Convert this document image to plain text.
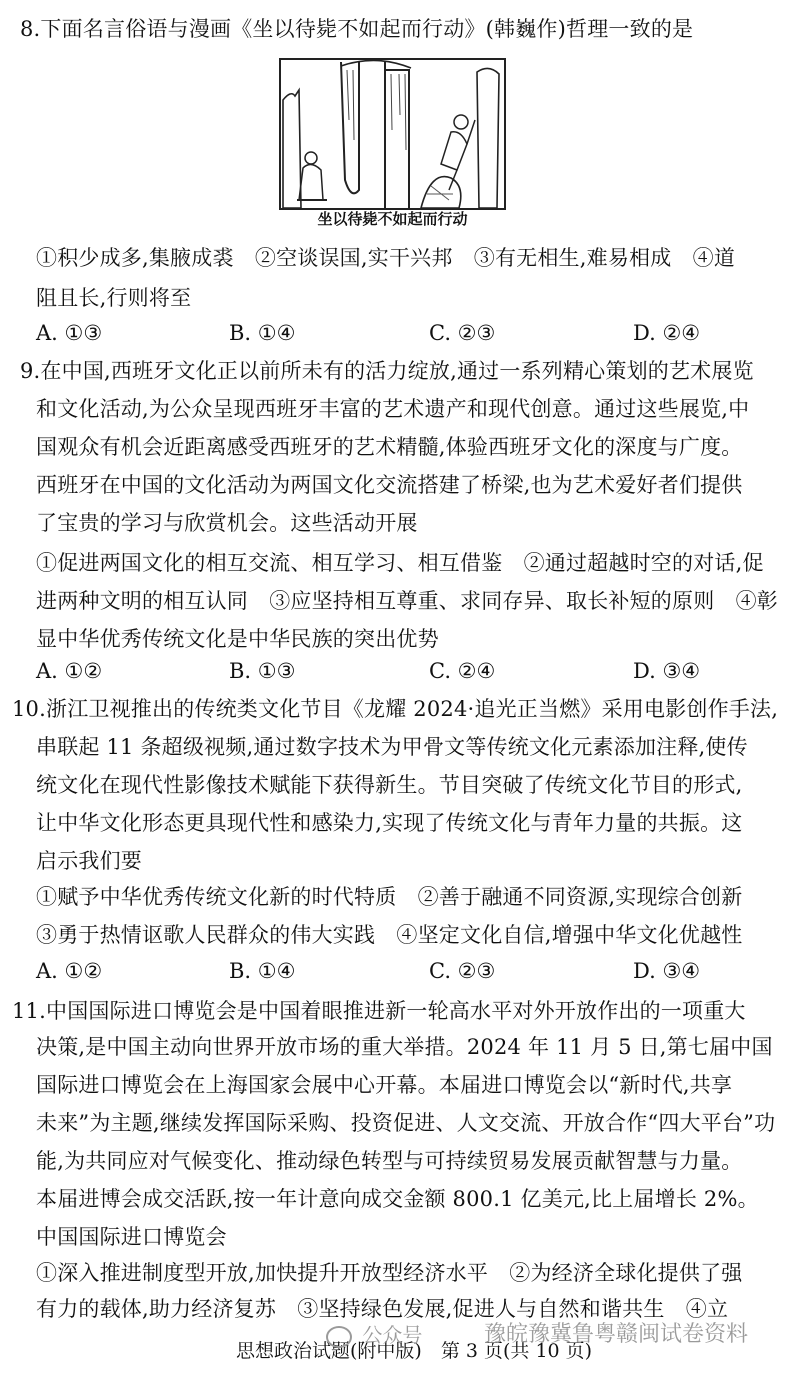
8.下面名言俗语与漫画《坐以待毙不如起而行动》(韩巍作)哲理一致的是
坐以待毙不如起而行动
①积少成多,集腋成裘　②空谈误国,实干兴邦　③有无相生,难易相成　④道
阻且长,行则将至
A. ①③	B. ①④	C. ②③	D. ②④
9.在中国,西班牙文化正以前所未有的活力绽放,通过一系列精心策划的艺术展览
和文化活动,为公众呈现西班牙丰富的艺术遗产和现代创意。通过这些展览,中
国观众有机会近距离感受西班牙的艺术精髓,体验西班牙文化的深度与广度。
西班牙在中国的文化活动为两国文化交流搭建了桥梁,也为艺术爱好者们提供
了宝贵的学习与欣赏机会。这些活动开展
①促进两国文化的相互交流、相互学习、相互借鉴　②通过超越时空的对话,促
进两种文明的相互认同　③应坚持相互尊重、求同存异、取长补短的原则　④彰
显中华优秀传统文化是中华民族的突出优势
A. ①②	B. ①③	C. ②④	D. ③④
10.浙江卫视推出的传统类文化节目《龙耀 2024·追光正当燃》采用电影创作手法,
串联起 11 条超级视频,通过数字技术为甲骨文等传统文化元素添加注释,使传
统文化在现代性影像技术赋能下获得新生。节目突破了传统文化节目的形式,
让中华文化形态更具现代性和感染力,实现了传统文化与青年力量的共振。这
启示我们要
①赋予中华优秀传统文化新的时代特质　②善于融通不同资源,实现综合创新
③勇于热情讴歌人民群众的伟大实践　④坚定文化自信,增强中华文化优越性
A. ①②	B. ①④	C. ②③	D. ③④
11.中国国际进口博览会是中国着眼推进新一轮高水平对外开放作出的一项重大
决策,是中国主动向世界开放市场的重大举措。2024 年 11 月 5 日,第七届中国
国际进口博览会在上海国家会展中心开幕。本届进口博览会以“新时代,共享
未来”为主题,继续发挥国际采购、投资促进、人文交流、开放合作“四大平台”功
能,为共同应对气候变化、推动绿色转型与可持续贸易发展贡献智慧与力量。
本届进博会成交活跃,按一年计意向成交金额 800.1 亿美元,比上届增长 2%。
中国国际进口博览会
①深入推进制度型开放,加快提升开放型经济水平　②为经济全球化提供了强
有力的载体,助力经济复苏　③坚持绿色发展,促进人与自然和谐共生　④立
思想政治试题(附中版)　第 3 页(共 10 页)
公众号	豫皖豫冀鲁粤赣闽试卷资料
